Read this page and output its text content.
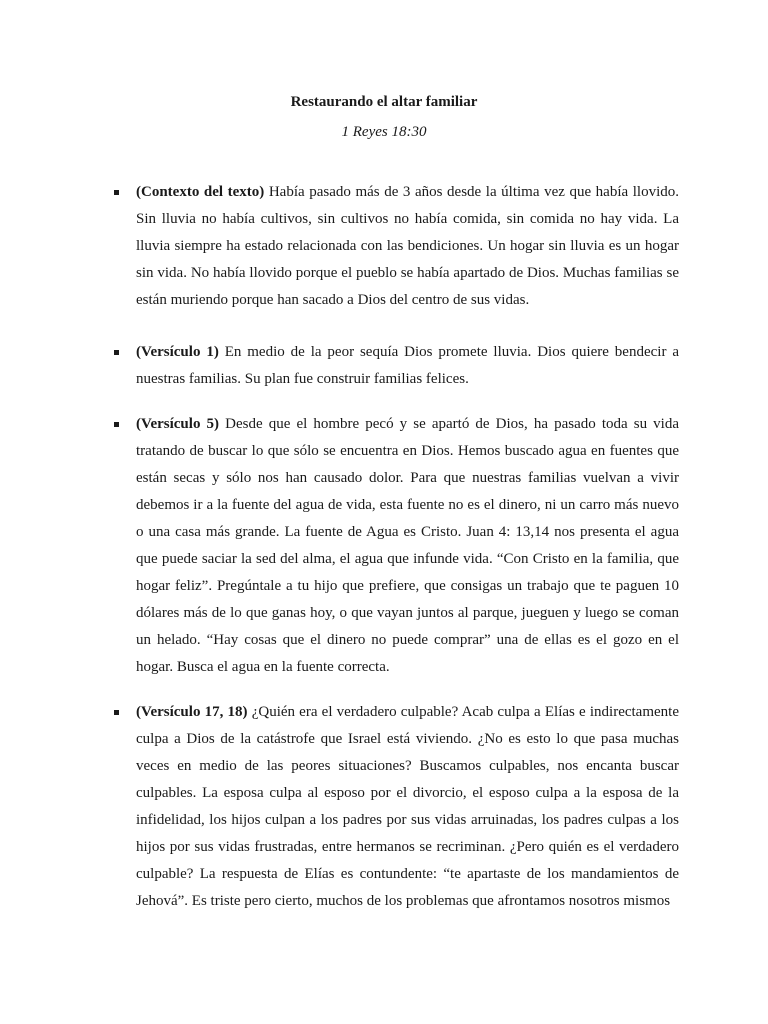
Restaurando el altar familiar
1 Reyes 18:30
(Contexto del texto) Había pasado más de 3 años desde la última vez que había llovido. Sin lluvia no había cultivos, sin cultivos no había comida, sin comida no hay vida. La lluvia siempre ha estado relacionada con las bendiciones. Un hogar sin lluvia es un hogar sin vida. No había llovido porque el pueblo se había apartado de Dios. Muchas familias se están muriendo porque han sacado a Dios del centro de sus vidas.
(Versículo 1) En medio de la peor sequía Dios promete lluvia. Dios quiere bendecir a nuestras familias. Su plan fue construir familias felices.
(Versículo 5) Desde que el hombre pecó y se apartó de Dios, ha pasado toda su vida tratando de buscar lo que sólo se encuentra en Dios. Hemos buscado agua en fuentes que están secas y sólo nos han causado dolor. Para que nuestras familias vuelvan a vivir debemos ir a la fuente del agua de vida, esta fuente no es el dinero, ni un carro más nuevo o una casa más grande. La fuente de Agua es Cristo. Juan 4: 13,14 nos presenta el agua que puede saciar la sed del alma, el agua que infunde vida. “Con Cristo en la familia, que hogar feliz”. Pregúntale a tu hijo que prefiere, que consigas un trabajo que te paguen 10 dólares más de lo que ganas hoy, o que vayan juntos al parque, jueguen y luego se coman un helado. “Hay cosas que el dinero no puede comprar” una de ellas es el gozo en el hogar. Busca el agua en la fuente correcta.
(Versículo 17, 18) ¿Quién era el verdadero culpable? Acab culpa a Elías e indirectamente culpa a Dios de la catástrofe que Israel está viviendo. ¿No es esto lo que pasa muchas veces en medio de las peores situaciones? Buscamos culpables, nos encanta buscar culpables. La esposa culpa al esposo por el divorcio, el esposo culpa a la esposa de la infidelidad, los hijos culpan a los padres por sus vidas arruinadas, los padres culpas a los hijos por sus vidas frustradas, entre hermanos se recriminan. ¿Pero quién es el verdadero culpable? La respuesta de Elías es contundente: “te apartaste de los mandamientos de Jehová”. Es triste pero cierto, muchos de los problemas que afrontamos nosotros mismos
